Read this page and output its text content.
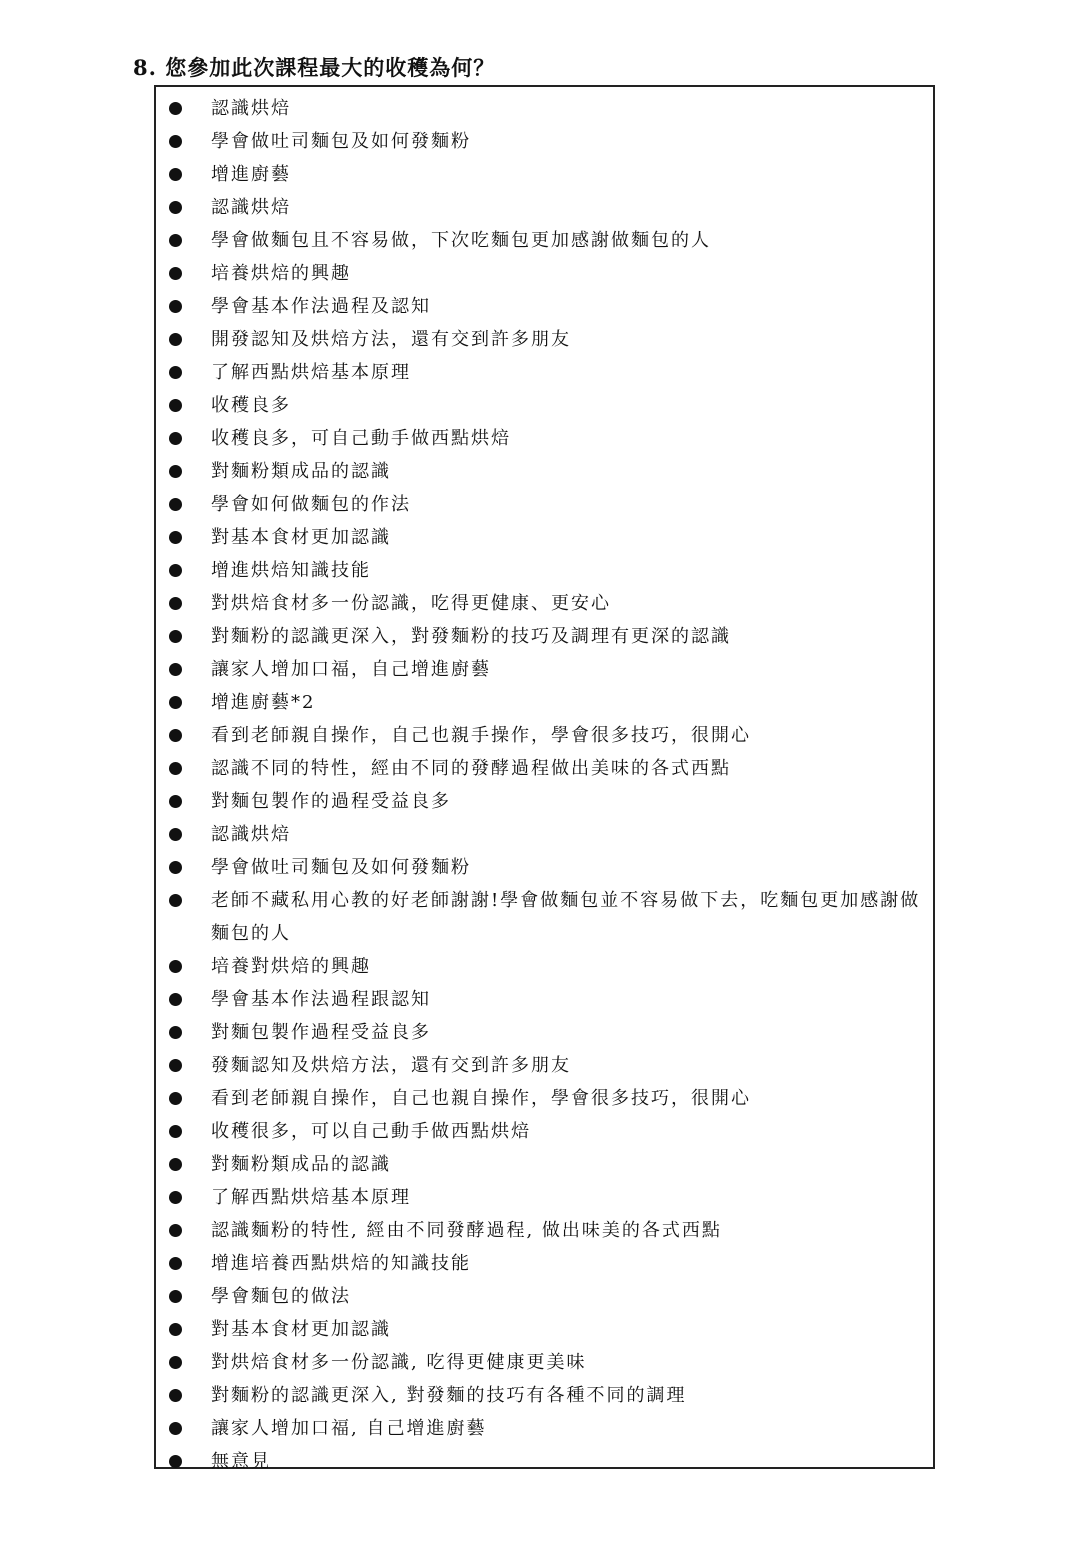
8. 您參加此次課程最大的收穫為何？
認識烘焙
學會做吐司麵包及如何發麵粉
增進廚藝
認識烘焙
學會做麵包且不容易做，下次吃麵包更加感謝做麵包的人
培養烘焙的興趣
學會基本作法過程及認知
開發認知及烘焙方法，還有交到許多朋友
了解西點烘焙基本原理
收穫良多
收穫良多，可自己動手做西點烘焙
對麵粉類成品的認識
學會如何做麵包的作法
對基本食材更加認識
增進烘焙知識技能
對烘焙食材多一份認識，吃得更健康、更安心
對麵粉的認識更深入，對發麵粉的技巧及調理有更深的認識
讓家人增加口福，自己增進廚藝
增進廚藝*2
看到老師親自操作，自己也親手操作，學會很多技巧，很開心
認識不同的特性，經由不同的發酵過程做出美味的各式西點
對麵包製作的過程受益良多
認識烘焙
學會做吐司麵包及如何發麵粉
老師不藏私用心教的好老師謝謝!學會做麵包並不容易做下去，吃麵包更加感謝做麵包的人
培養對烘焙的興趣
學會基本作法過程跟認知
對麵包製作過程受益良多
發麵認知及烘焙方法，還有交到許多朋友
看到老師親自操作，自己也親自操作，學會很多技巧，很開心
收穫很多，可以自己動手做西點烘焙
對麵粉類成品的認識
了解西點烘焙基本原理
認識麵粉的特性, 經由不同發酵過程, 做出味美的各式西點
增進培養西點烘焙的知識技能
學會麵包的做法
對基本食材更加認識
對烘焙食材多一份認識, 吃得更健康更美味
對麵粉的認識更深入, 對發麵的技巧有各種不同的調理
讓家人增加口福, 自己增進廚藝
無意見
